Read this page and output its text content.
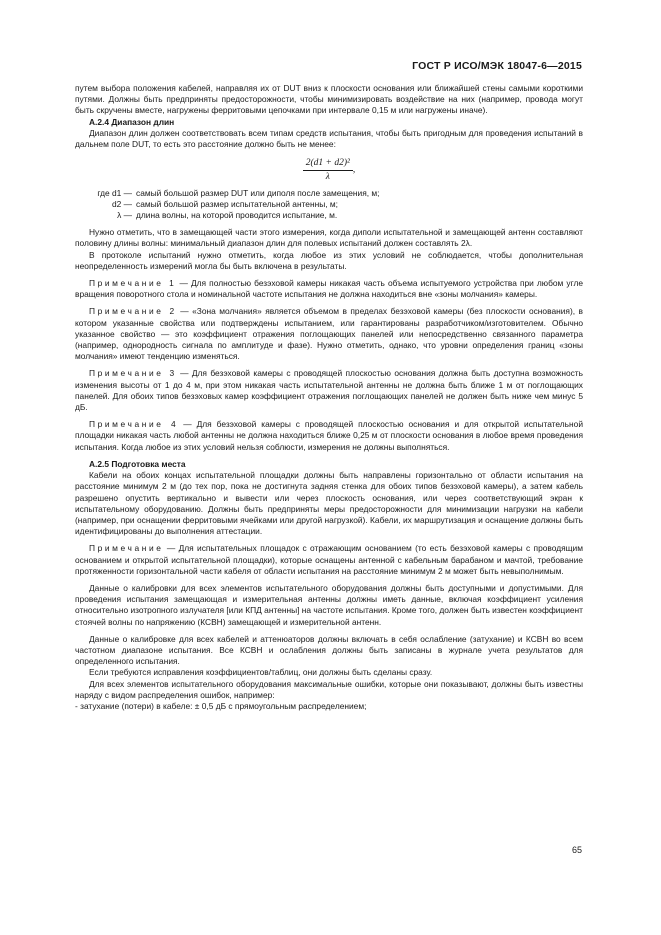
ГОСТ Р ИСО/МЭК 18047-6—2015

путем выбора положения кабелей, направляя их от DUT вниз к плоскости основания или ближайшей стены самыми короткими путями. Должны быть предприняты предосторожности, чтобы минимизировать воздействие на них (например, провода могут быть скручены вместе, нагружены ферритовыми цепочками при интервале 0,15 м или нагружены иначе).

А.2.4 Диапазон длин

Диапазон длин должен соответствовать всем типам средств испытания, чтобы быть пригодным для проведения испытаний в дальнем поле DUT, то есть это расстояние должно быть не менее:

$\frac{\text{2(d1 + d2)²}}{\lambda}$ ,
где d1 — самый большой размер DUT или диполя после замещения, м;
d2 — самый большой размер испытательной антенны, м;
λ — длина волны, на которой проводится испытание, м.

Нужно отметить, что в замещающей части этого измерения, когда диполи испытательной и замещающей антенн составляют половину длины волны: минимальный диапазон длин для полевых испытаний должен составлять 2λ.

В протоколе испытаний нужно отметить, когда любое из этих условий не соблюдается, чтобы дополнительная неопределенность измерений могла бы быть включена в результаты.

Примечание 1 — Для полностью безэховой камеры никакая часть объема испытуемого устройства при любом угле вращения поворотного стола и номинальной частоте испытания не должна находиться вне «зоны молчания» камеры.

Примечание 2 — «Зона молчания» является объемом в пределах безэховой камеры (без плоскости основания), в котором указанные свойства или подтверждены испытанием, или гарантированы разработчиком/изготовителем. Обычно указанное свойство — это коэффициент отражения поглощающих панелей или непосредственно связанного параметра (например, однородность сигнала по амплитуде и фазе). Нужно отметить, однако, что уровни определения границ «зоны молчания» имеют тенденцию изменяться.

Примечание 3 — Для безэховой камеры с проводящей плоскостью основания должна быть доступна возможность изменения высоты от 1 до 4 м, при этом никакая часть испытательной антенны не должна быть ближе 1 м от поглощающих панелей. Для обоих типов безэховых камер коэффициент отражения поглощающих панелей не должен быть ниже чем минус 5 дБ.

Примечание 4 — Для безэховой камеры с проводящей плоскостью основания и для открытой испытательной площадки никакая часть любой антенны не должна находиться ближе 0,25 м от плоскости основания в любое время проведения испытания. Когда любое из этих условий нельзя соблюсти, измерения не должны выполняться.

А.2.5 Подготовка места

Кабели на обоих концах испытательной площадки должны быть направлены горизонтально от области испытания на расстояние минимум 2 м (до тех пор, пока не достигнута задняя стенка для обоих типов безэховой камеры), а затем кабель разрешено опустить вертикально и вывести или через плоскость основания, или через соответствующий экран к испытательному оборудованию. Должны быть предприняты меры предосторожности для минимизации нагрузки на кабели (например, при оснащении ферритовыми ячейками или другой нагрузкой). Кабели, их маршрутизация и оснащение должны быть идентифицированы до выполнения аттестации.

Примечание — Для испытательных площадок с отражающим основанием (то есть безэховой камеры с проводящим основанием и открытой испытательной площадки), которые оснащены антенной с кабельным барабаном и мачтой, требование протяженности горизонтальной части кабеля от области испытания на расстояние минимум 2 м может быть невыполнимым.

Данные о калибровки для всех элементов испытательного оборудования должны быть доступными и допустимыми. Для проведения испытания замещающая и измерительная антенны должны иметь данные, включая коэффициент усиления относительно изотропного излучателя [или КПД антенны] на частоте испытания. Кроме того, должен быть известен коэффициент стоячей волны по напряжению (КСВН) замещающей и измерительной антенн.

Данные о калибровке для всех кабелей и аттенюаторов должны включать в себя ослабление (затухание) и КСВН во всем частотном диапазоне испытания. Все КСВН и ослабления должны быть записаны в журнале учета результатов для определенного испытания.

Если требуются исправления коэффициентов/таблиц, они должны быть сделаны сразу.

Для всех элементов испытательного оборудования максимальные ошибки, которые они показывают, должны быть известны наряду с видом распределения ошибок, например:

- затухание (потери) в кабеле: ± 0,5 дБ с прямоугольным распределением;

65
